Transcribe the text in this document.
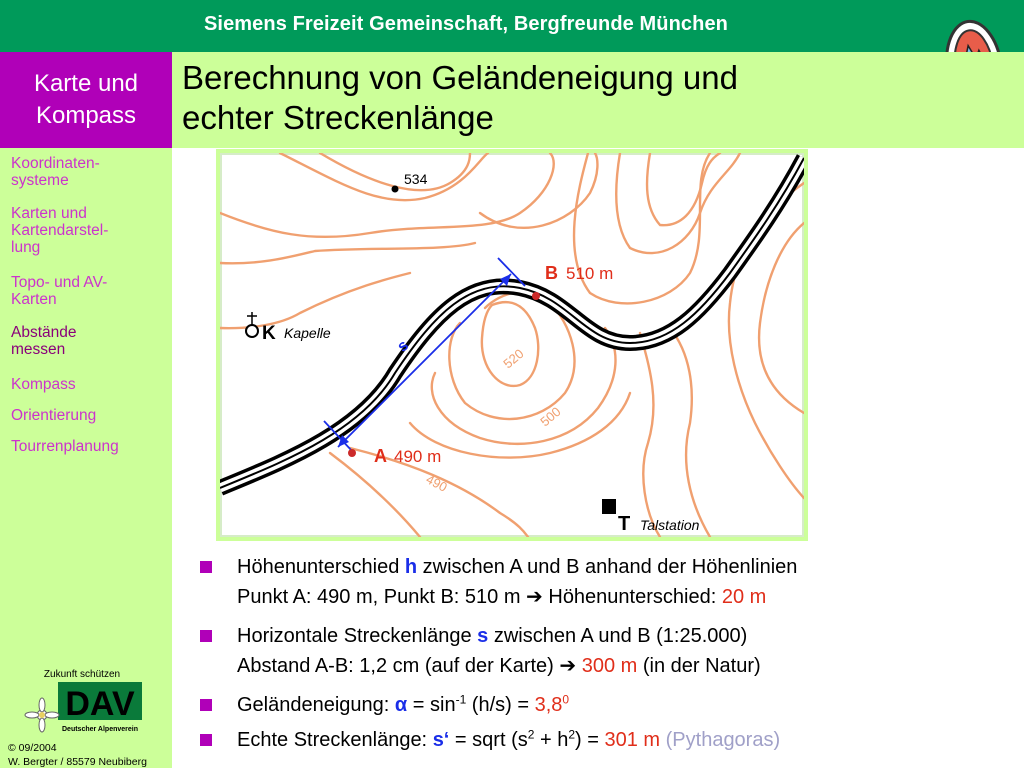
Siemens Freizeit Gemeinschaft, Bergfreunde München
Karte und
Kompass
Berechnung von Geländeneigung und
echter Streckenlänge
Koordinaten-
systeme
Karten und
Kartendarstel-
lung
Topo- und AV-
Karten
Abstände
messen
Kompass
Orientierung
Tourrenplanung
Zukunft schützen
DAV
Deutscher Alpenverein
© 09/2004
W. Bergter / 85579 Neubiberg
520
500
490
534
K Kapelle
s
A 490 m
B 510 m
T Talstation
Höhenunterschied h zwischen A und B anhand der Höhenlinien
Punkt A: 490 m, Punkt B: 510 m ➔ Höhenunterschied: 20 m
Horizontale Streckenlänge s zwischen A und B (1:25.000)
Abstand A-B: 1,2 cm (auf der Karte) ➔ 300 m (in der Natur)
Geländeneigung: $\alpha = \sin^{-1} (h/s) = 3,8^0$
Echte Streckenlänge: s‘ = sqrt $(s^2 + h^2) = 301$ m (Pythagoras)
